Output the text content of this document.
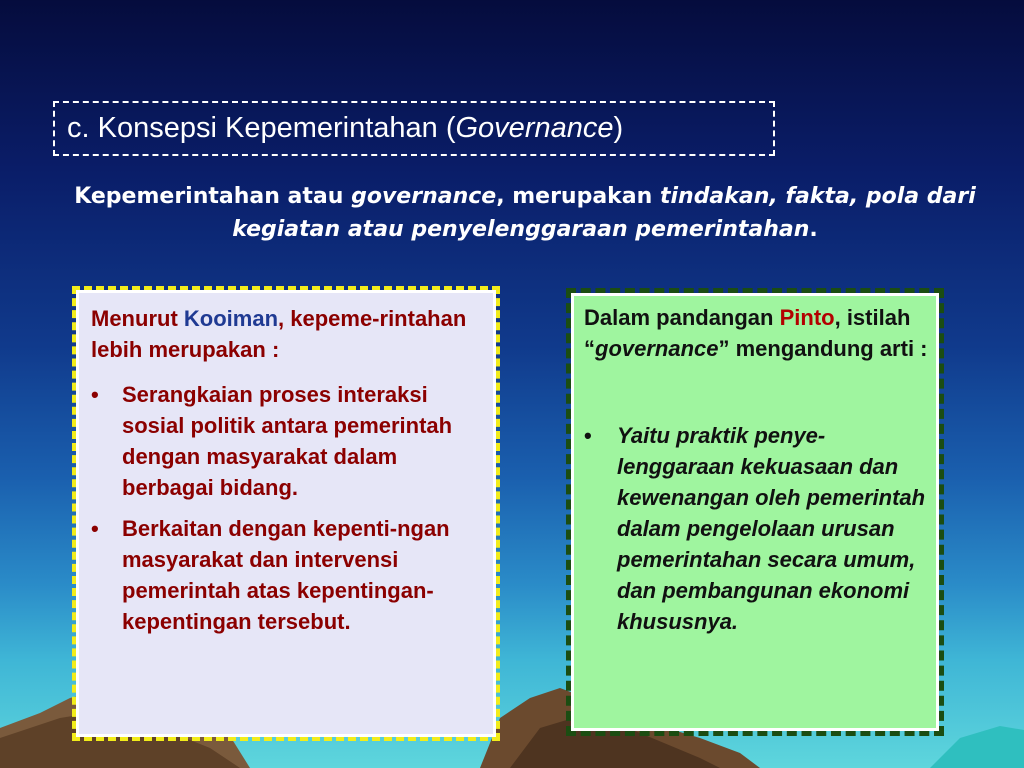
c. Konsepsi Kepemerintahan (Governance)
Kepemerintahan atau governance, merupakan tindakan, fakta, pola dari kegiatan atau penyelenggaraan pemerintahan.
Menurut Kooiman, kepeme-rintahan lebih merupakan :
• Serangkaian proses interaksi sosial politik antara pemerintah dengan masyarakat dalam berbagai bidang.
• Berkaitan dengan kepenti-ngan masyarakat dan intervensi pemerintah atas kepentingan-kepentingan tersebut.
Dalam pandangan Pinto, istilah “governance” mengandung arti :
• Yaitu praktik penye-lenggaraan kekuasaan dan kewenangan oleh pemerintah dalam pengelolaan urusan pemerintahan secara umum, dan pembangunan ekonomi khususnya.
